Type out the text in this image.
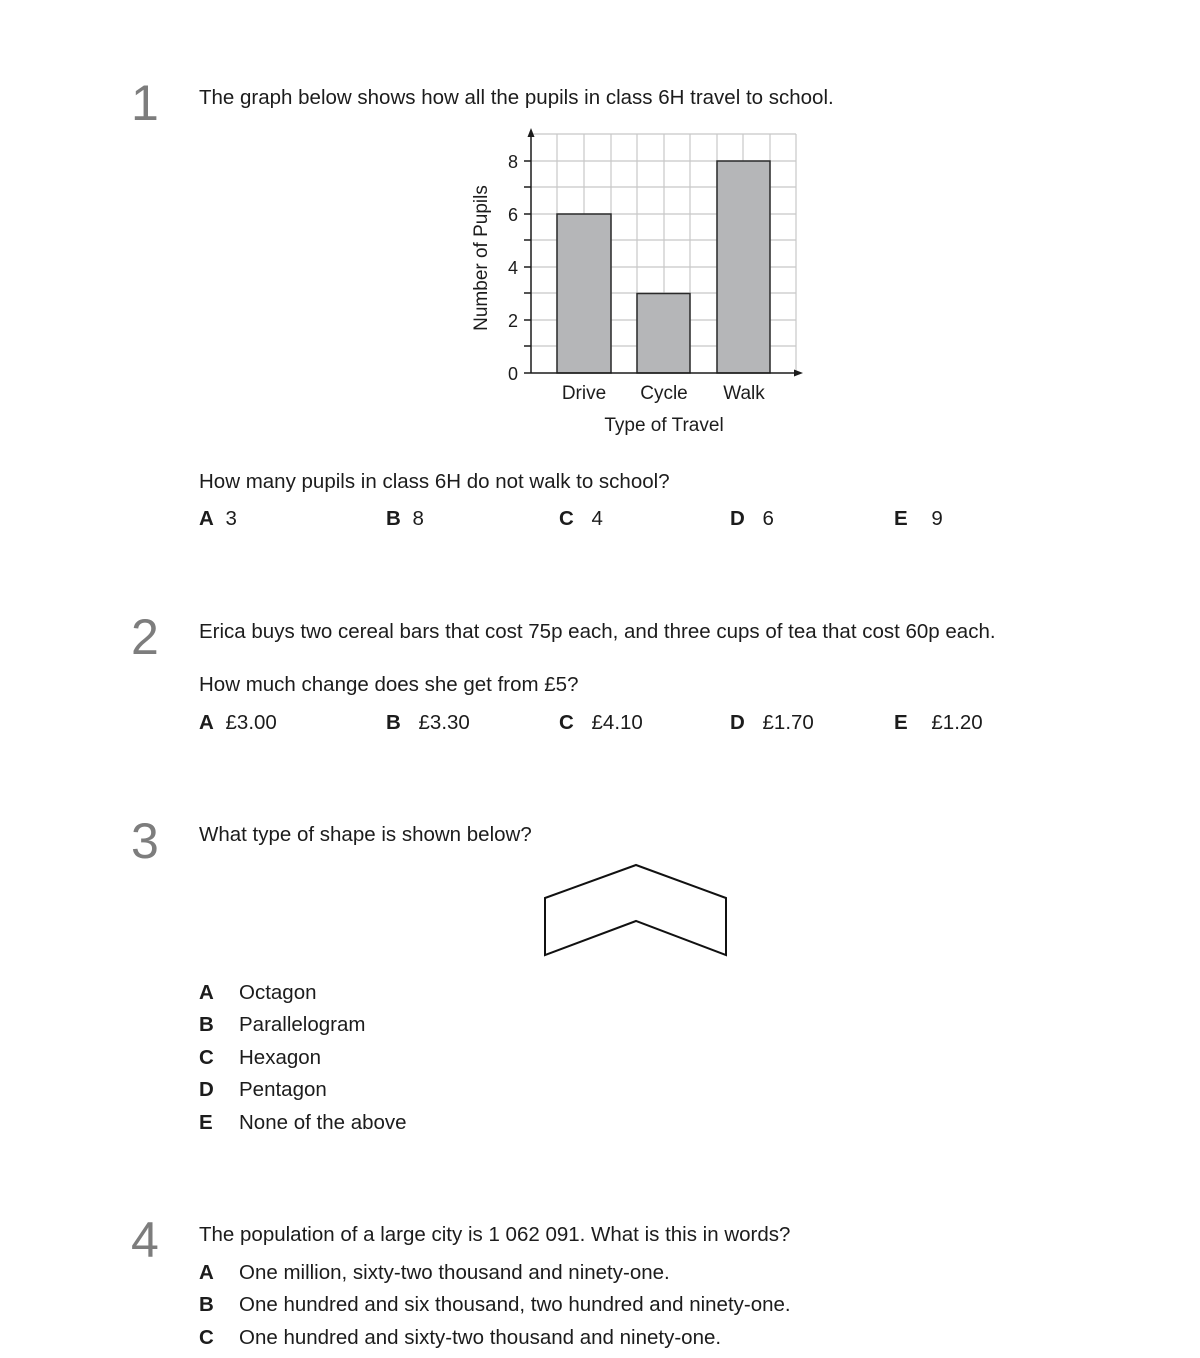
1 The graph below shows how all the pupils in class 6H travel to school.
0
2
4
6
8
Drive Cycle Walk
Type of Travel
Number of Pupils
How many pupils in class 6H do not walk to school?
A 3	B 8	C 4	D 6	E 9
2 Erica buys two cereal bars that cost 75p each, and three cups of tea that cost 60p each.
How much change does she get from £5?
A £3.00	B £3.30	C £4.10	D £1.70	E £1.20
3 What type of shape is shown below?
A Octagon
B Parallelogram
C Hexagon
D Pentagon
E None of the above
4 The population of a large city is 1 062 091. What is this in words?
A One million, sixty-two thousand and ninety-one.
B One hundred and six thousand, two hundred and ninety-one.
C One hundred and sixty-two thousand and ninety-one.
